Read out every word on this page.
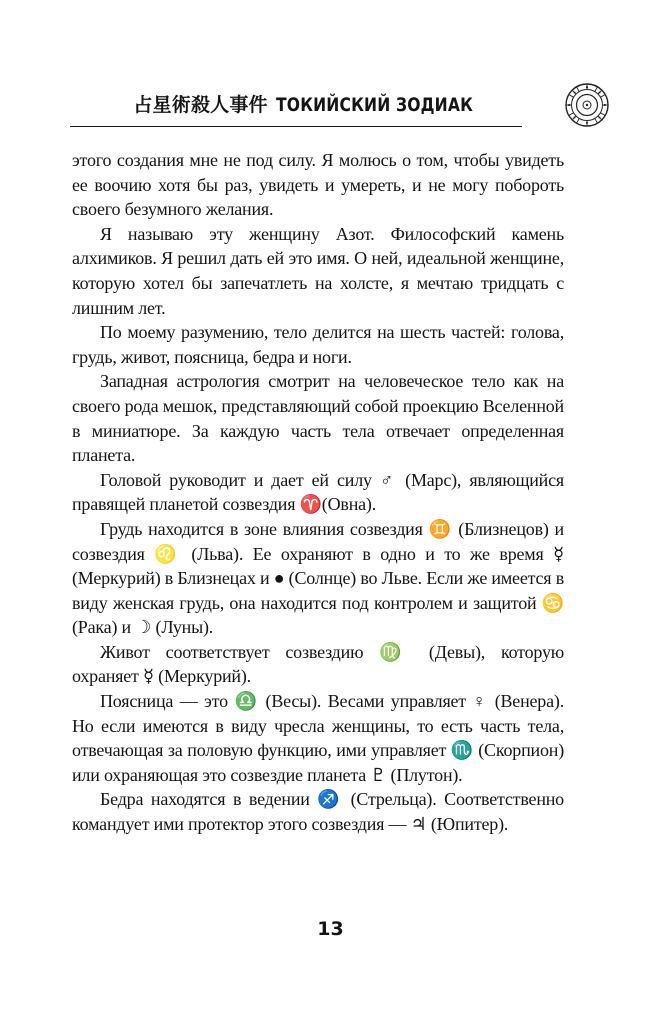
占星術殺人事件 ТОКИЙСКИЙ ЗОДИАК

этого создания мне не под силу. Я молюсь о том, чтобы увидеть ее воочию хотя бы раз, увидеть и умереть, и не могу побороть своего безумного желания.

Я называю эту женщину Азот. Философский камень алхимиков. Я решил дать ей это имя. О ней, идеальной женщине, которую хотел бы запечатлеть на холсте, я мечтаю тридцать с лишним лет.

По моему разумению, тело делится на шесть частей: голова, грудь, живот, поясница, бедра и ноги.

Западная астрология смотрит на человеческое тело как на своего рода мешок, представляющий собой проекцию Вселенной в миниатюре. За каждую часть тела отвечает определенная планета.

Головой руководит и дает ей силу ♂ (Марс), являющийся правящей планетой созвездия ♈(Овна).

Грудь находится в зоне влияния созвездия ♊ (Близнецов) и созвездия ♌ (Льва). Ее охраняют в одно и то же время ☿ (Меркурий) в Близнецах и ● (Солнце) во Льве. Если же имеется в виду женская грудь, она находится под контролем и защитой ♋ (Рака) и ☽ (Луны).

Живот соответствует созвездию ♍ (Девы), которую охраняет ☿ (Меркурий).

Поясница — это ♎ (Весы). Весами управляет ♀ (Венера). Но если имеются в виду чресла женщины, то есть часть тела, отвечающая за половую функцию, ими управляет ♏ (Скорпион) или охраняющая это созвездие планета ♇ (Плутон).

Бедра находятся в ведении ♐ (Стрельца). Соответственно командует ими протектор этого созвездия — ♃ (Юпитер).

13
